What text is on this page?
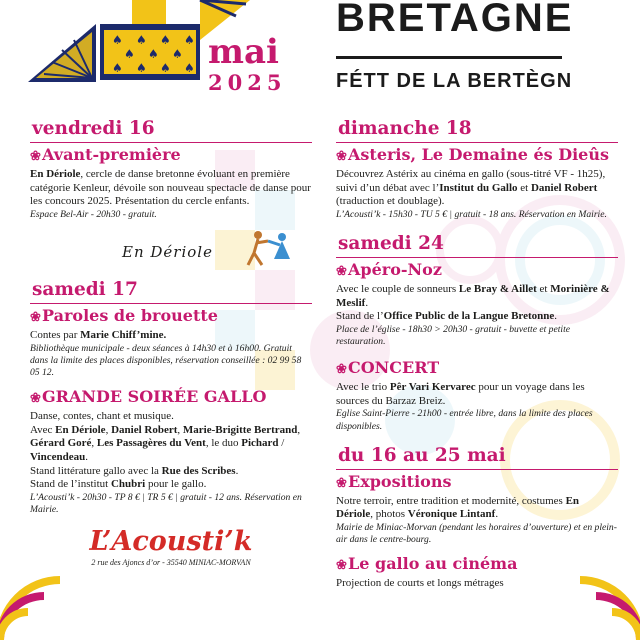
♠ ♠ ♠ ♠
♠ ♠ ♠
♠ ♠ ♠ ♠ mai
2025
BRETAGNE
FÉTT DE LA BERTÈGN
vendredi 16
❀Avant-première

En Dériole, cercle de danse bretonne évoluant en première catégorie Kenleur, dévoile son nouveau spectacle de danse pour les concours 2025. Présentation du cercle enfants.

Espace Bel-Air - 20h30 - gratuit.

En Dériole
samedi 17
❀Paroles de brouette

Contes par Marie Chiff’mine.

Bibliothèque municipale - deux séances à 14h30 et à 16h00. Gratuit dans la limite des places disponibles, réservation conseillée : 02 99 58 05 12.

❀GRANDE SOIRÉE GALLO

Danse, contes, chant et musique.

Avec En Dériole, Daniel Robert, Marie-Brigitte Bertrand, Gérard Goré, Les Passagères du Vent, le duo Pichard / Vincendeau.

Stand littérature gallo avec la Rue des Scribes.

Stand de l’institut Chubri pour le gallo.

L’Acousti’k - 20h30 - TP 8 € | TR 5 € | gratuit - 12 ans. Réservation en Mairie.

L’Acousti’k

2 rue des Ajoncs d’or - 35540 MINIAC-MORVAN

dimanche 18
❀Asteris, Le Demaine és Dieûs

Découvrez Astérix au cinéma en gallo (sous-titré VF - 1h25), suivi d’un débat avec l’Institut du Gallo et Daniel Robert (traduction et doublage).

L’Acousti’k - 15h30 - TU 5 € | gratuit - 18 ans. Réservation en Mairie.

samedi 24
❀Apéro-Noz

Avec le couple de sonneurs Le Bray & Aillet et Morinière & Meslif.

Stand de l’Office Public de la Langue Bretonne.

Place de l’église - 18h30 > 20h30 - gratuit - buvette et petite restauration.

❀CONCERT

Avec le trio Pêr Vari Kervarec pour un voyage dans les sources du Barzaz Breiz.

Eglise Saint-Pierre - 21h00 - entrée libre, dans la limite des places disponibles.

du 16 au 25 mai
❀Expositions

Notre terroir, entre tradition et modernité, costumes En Dériole, photos Véronique Lintanf.

Mairie de Miniac-Morvan (pendant les horaires d’ouverture) et en plein-air dans le centre-bourg.

❀Le gallo au cinéma

Projection de courts et longs métrages
